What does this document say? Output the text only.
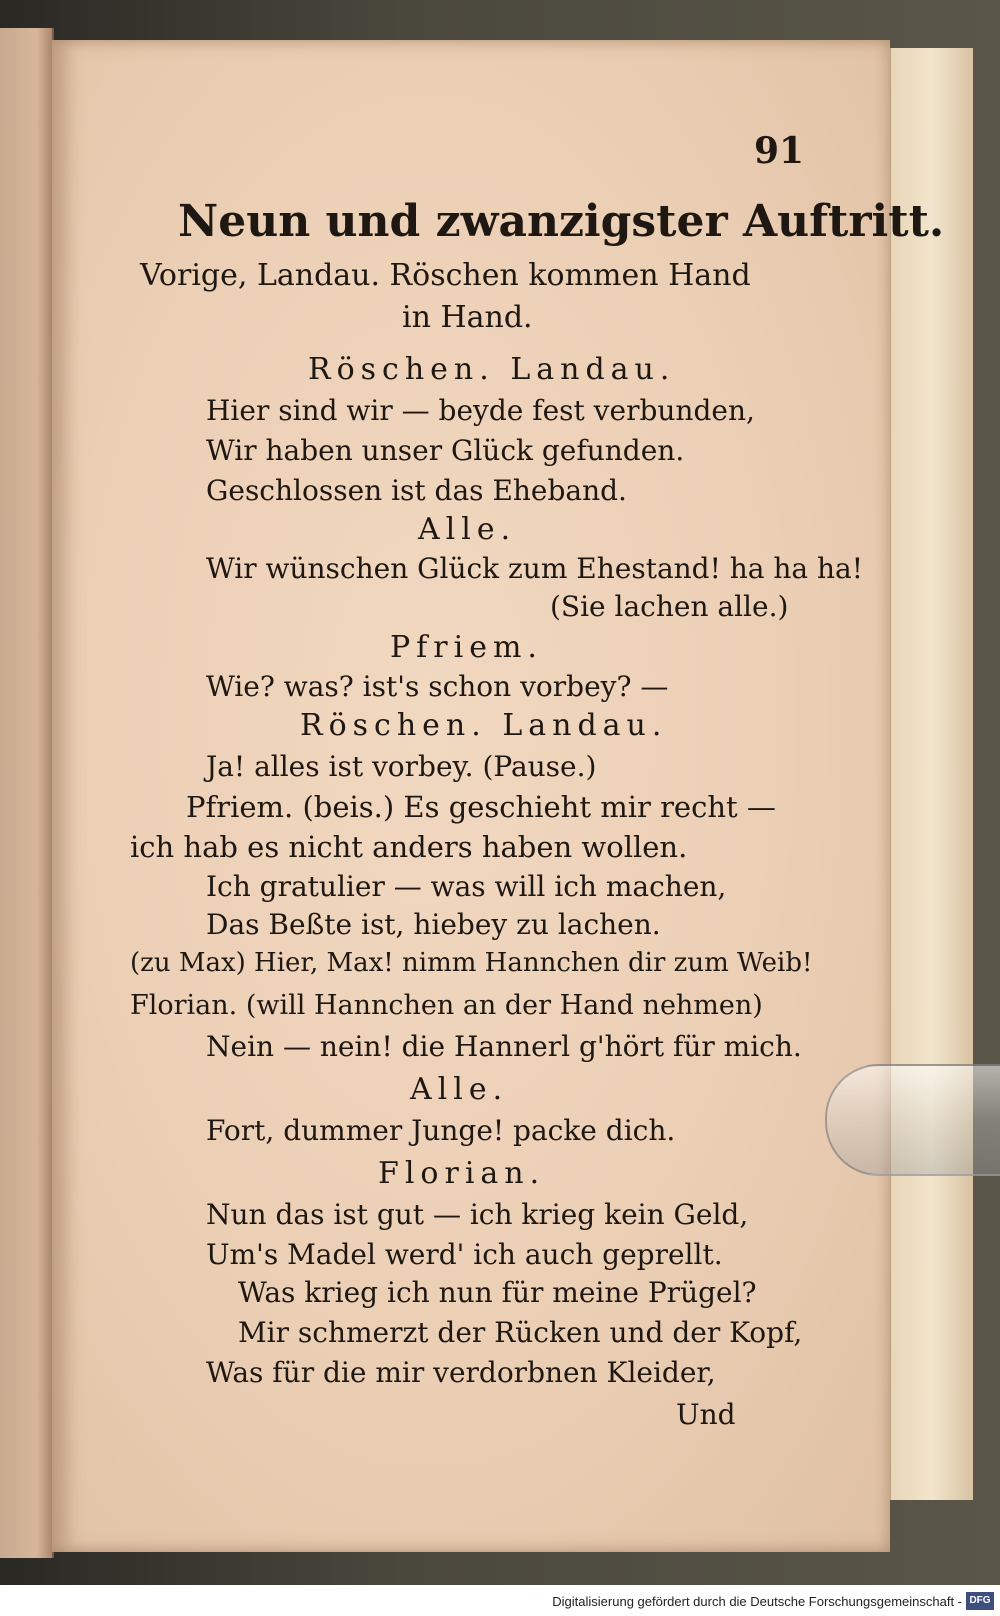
91
Neun und zwanzigster Auftritt.
Vorige, Landau. Röschen kommen Hand
in Hand.
Röschen. Landau.
Hier sind wir — beyde fest verbunden,
Wir haben unser Glück gefunden.
Geschlossen ist das Eheband.
Alle.
Wir wünschen Glück zum Ehestand! ha ha ha!
(Sie lachen alle.)
Pfriem.
Wie? was? ist's schon vorbey? —
Röschen. Landau.
Ja! alles ist vorbey. (Pause.)
Pfriem. (beis.) Es geschieht mir recht —
ich hab es nicht anders haben wollen.
Ich gratulier — was will ich machen,
Das Beßte ist, hiebey zu lachen.
(zu Max) Hier, Max! nimm Hannchen dir zum Weib!
Florian. (will Hannchen an der Hand nehmen)
Nein — nein! die Hannerl g'hört für mich.
Alle.
Fort, dummer Junge! packe dich.
Florian.
Nun das ist gut — ich krieg kein Geld,
Um's Madel werd' ich auch geprellt.
Was krieg ich nun für meine Prügel?
Mir schmerzt der Rücken und der Kopf,
Was für die mir verdorbnen Kleider,
Und
Digitalisierung gefördert durch die Deutsche Forschungsgemeinschaft - DFG
